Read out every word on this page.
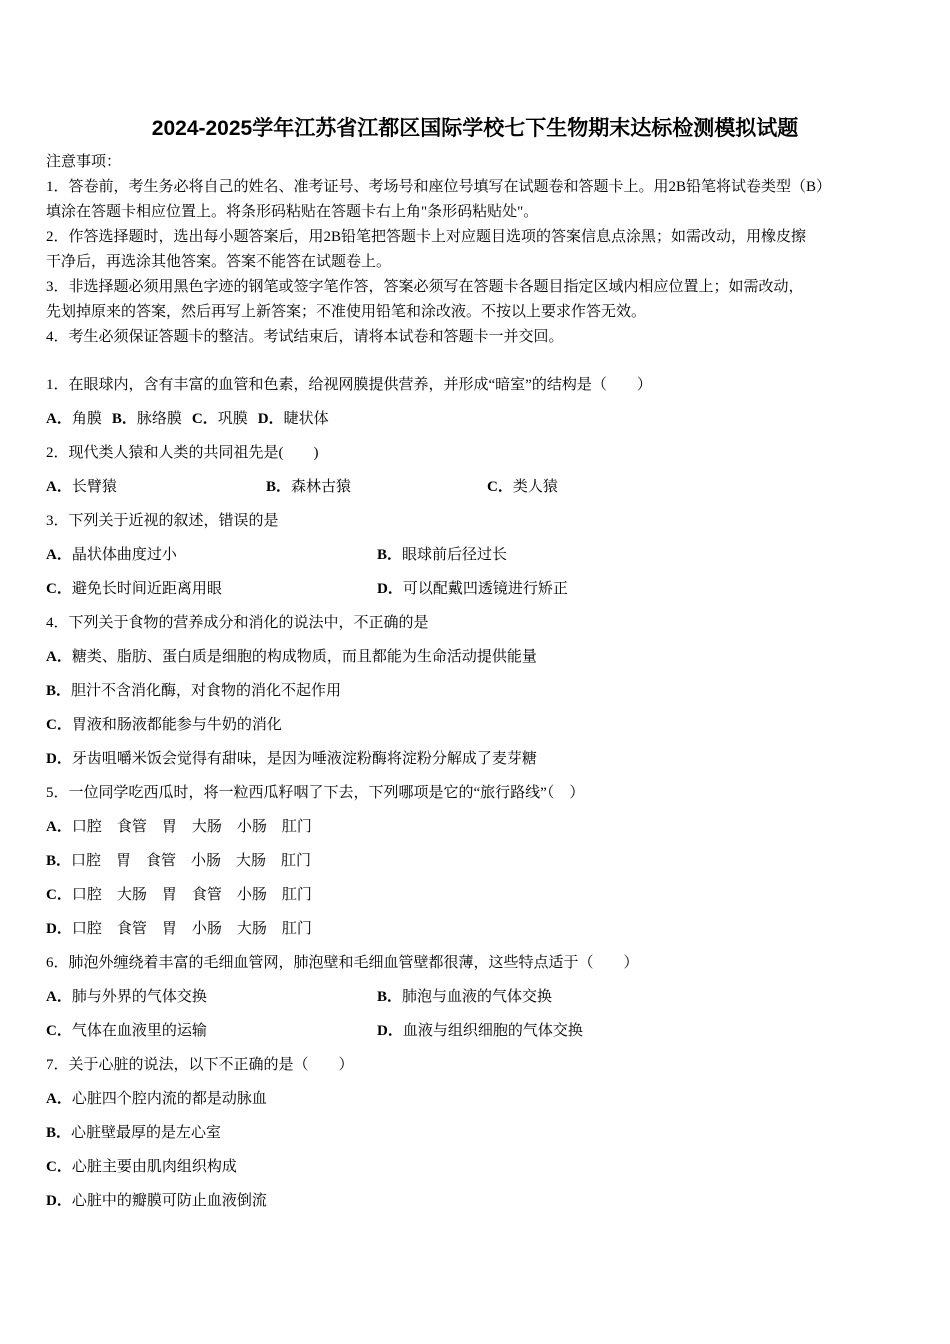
2024-2025学年江苏省江都区国际学校七下生物期末达标检测模拟试题
注意事项：
1．答卷前，考生务必将自己的姓名、准考证号、考场号和座位号填写在试题卷和答题卡上。用2B铅笔将试卷类型（B）
填涂在答题卡相应位置上。将条形码粘贴在答题卡右上角"条形码粘贴处"。
2．作答选择题时，选出每小题答案后，用2B铅笔把答题卡上对应题目选项的答案信息点涂黑；如需改动，用橡皮擦
干净后，再选涂其他答案。答案不能答在试题卷上。
3．非选择题必须用黑色字迹的钢笔或签字笔作答，答案必须写在答题卡各题目指定区域内相应位置上；如需改动，
先划掉原来的答案，然后再写上新答案；不准使用铅笔和涂改液。不按以上要求作答无效。
4．考生必须保证答题卡的整洁。考试结束后，请将本试卷和答题卡一并交回。
1．在眼球内，含有丰富的血管和色素，给视网膜提供营养，并形成“暗室”的结构是（　　）
A．角膜 B．脉络膜 C．巩膜 D．睫状体
2．现代类人猿和人类的共同祖先是(　　)
A．长臂猿	B．森林古猿	C．类人猿
3．下列关于近视的叙述，错误的是
A．晶状体曲度过小	B．眼球前后径过长
C．避免长时间近距离用眼	D．可以配戴凹透镜进行矫正
4．下列关于食物的营养成分和消化的说法中，不正确的是
A．糖类、脂肪、蛋白质是细胞的构成物质，而且都能为生命活动提供能量
B．胆汁不含消化酶，对食物的消化不起作用
C．胃液和肠液都能参与牛奶的消化
D．牙齿咀嚼米饭会觉得有甜味，是因为唾液淀粉酶将淀粉分解成了麦芽糖
5．一位同学吃西瓜时，将一粒西瓜籽咽了下去，下列哪项是它的“旅行路线”（　）
A．口腔　食管　胃　大肠　小肠　肛门
B．口腔　胃　食管　小肠　大肠　肛门
C．口腔　大肠　胃　食管　小肠　肛门
D．口腔　食管　胃　小肠　大肠　肛门
6．肺泡外缠绕着丰富的毛细血管网，肺泡壁和毛细血管壁都很薄，这些特点适于（　　）
A．肺与外界的气体交换	B．肺泡与血液的气体交换
C．气体在血液里的运输	D．血液与组织细胞的气体交换
7．关于心脏的说法，以下不正确的是（　　）
A．心脏四个腔内流的都是动脉血
B．心脏壁最厚的是左心室
C．心脏主要由肌肉组织构成
D．心脏中的瓣膜可防止血液倒流
